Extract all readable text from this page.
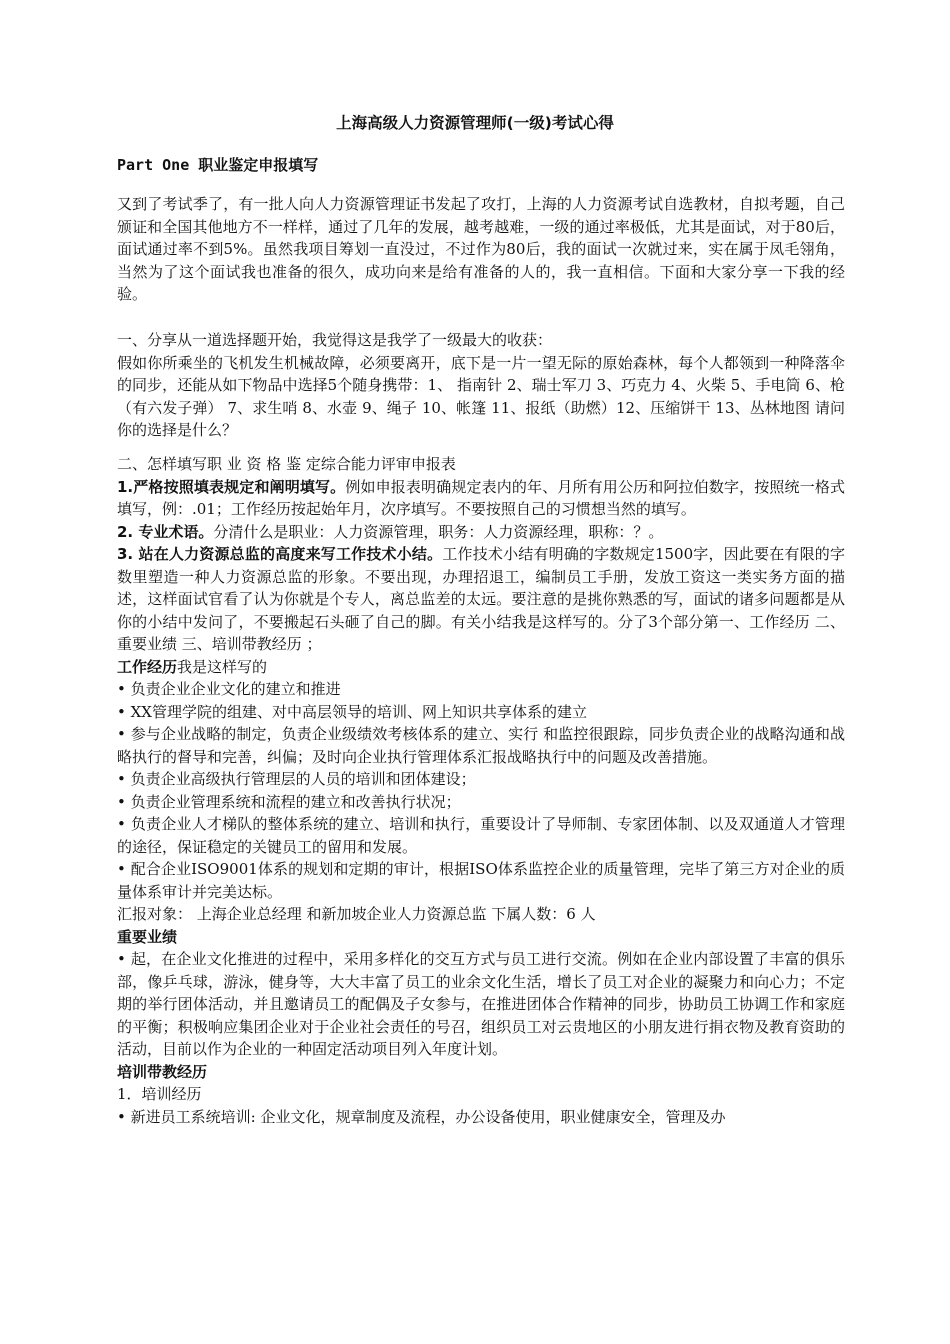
上海高级人力资源管理师(一级)考试心得
Part One 职业鉴定申报填写

又到了考试季了，有一批人向人力资源管理证书发起了攻打，上海的人力资源考试自选教材，自拟考题，自己颁证和全国其他地方不一样样，通过了几年的发展，越考越难，一级的通过率极低，尤其是面试，对于80后，面试通过率不到5%。虽然我项目筹划一直没过，不过作为80后，我的面试一次就过来，实在属于凤毛翎角，当然为了这个面试我也准备的很久，成功向来是给有准备的人的，我一直相信。下面和大家分享一下我的经验。

一、分享从一道选择题开始，我觉得这是我学了一级最大的收获：

假如你所乘坐的飞机发生机械故障，必须要离开，底下是一片一望无际的原始森林，每个人都领到一种降落伞的同步，还能从如下物品中选择5个随身携带：1、 指南针 2、瑞士军刀 3、巧克力 4、火柴 5、手电筒 6、枪（有六发子弹） 7、求生哨 8、水壶 9、绳子 10、帐篷 11、报纸（助燃）12、压缩饼干 13、丛林地图 请问你的选择是什么？

二、怎样填写职 业 资 格 鉴 定综合能力评审申报表

1.严格按照填表规定和阐明填写。例如申报表明确规定表内的年、月所有用公历和阿拉伯数字，按照统一格式填写，例：.01；工作经历按起始年月，次序填写。不要按照自己的习惯想当然的填写。

2. 专业术语。分清什么是职业：人力资源管理，职务：人力资源经理，职称：？。

3. 站在人力资源总监的高度来写工作技术小结。工作技术小结有明确的字数规定1500字，因此要在有限的字数里塑造一种人力资源总监的形象。不要出现，办理招退工，编制员工手册，发放工资这一类实务方面的描述，这样面试官看了认为你就是个专人，离总监差的太远。要注意的是挑你熟悉的写，面试的诸多问题都是从你的小结中发问了，不要搬起石头砸了自己的脚。有关小结我是这样写的。分了3个部分第一、工作经历 二、重要业绩 三、培训带教经历 ；

工作经历我是这样写的

• 负责企业企业文化的建立和推进

• XX管理学院的组建、对中高层领导的培训、网上知识共享体系的建立

• 参与企业战略的制定，负责企业级绩效考核体系的建立、实行 和监控很跟踪，同步负责企业的战略沟通和战略执行的督导和完善，纠偏；及时向企业执行管理体系汇报战略执行中的问题及改善措施。

• 负责企业高级执行管理层的人员的培训和团体建设；

• 负责企业管理系统和流程的建立和改善执行状况；

• 负责企业人才梯队的整体系统的建立、培训和执行，重要设计了导师制、专家团体制、以及双通道人才管理的途径，保证稳定的关键员工的留用和发展。

• 配合企业ISO9001体系的规划和定期的审计，根据ISO体系监控企业的质量管理，完毕了第三方对企业的质量体系审计并完美达标。

汇报对象： 上海企业总经理 和新加坡企业人力资源总监 下属人数：6 人

重要业绩

• 起，在企业文化推进的过程中，采用多样化的交互方式与员工进行交流。例如在企业内部设置了丰富的俱乐部，像乒乓球，游泳，健身等，大大丰富了员工的业余文化生活，增长了员工对企业的凝聚力和向心力；不定期的举行团体活动，并且邀请员工的配偶及子女参与，在推进团体合作精神的同步，协助员工协调工作和家庭的平衡；积极响应集团企业对于企业社会责任的号召，组织员工对云贵地区的小朋友进行捐衣物及教育资助的活动，目前以作为企业的一种固定活动项目列入年度计划。

培训带教经历

1．培训经历

• 新进员工系统培训: 企业文化，规章制度及流程，办公设备使用，职业健康安全，管理及办
